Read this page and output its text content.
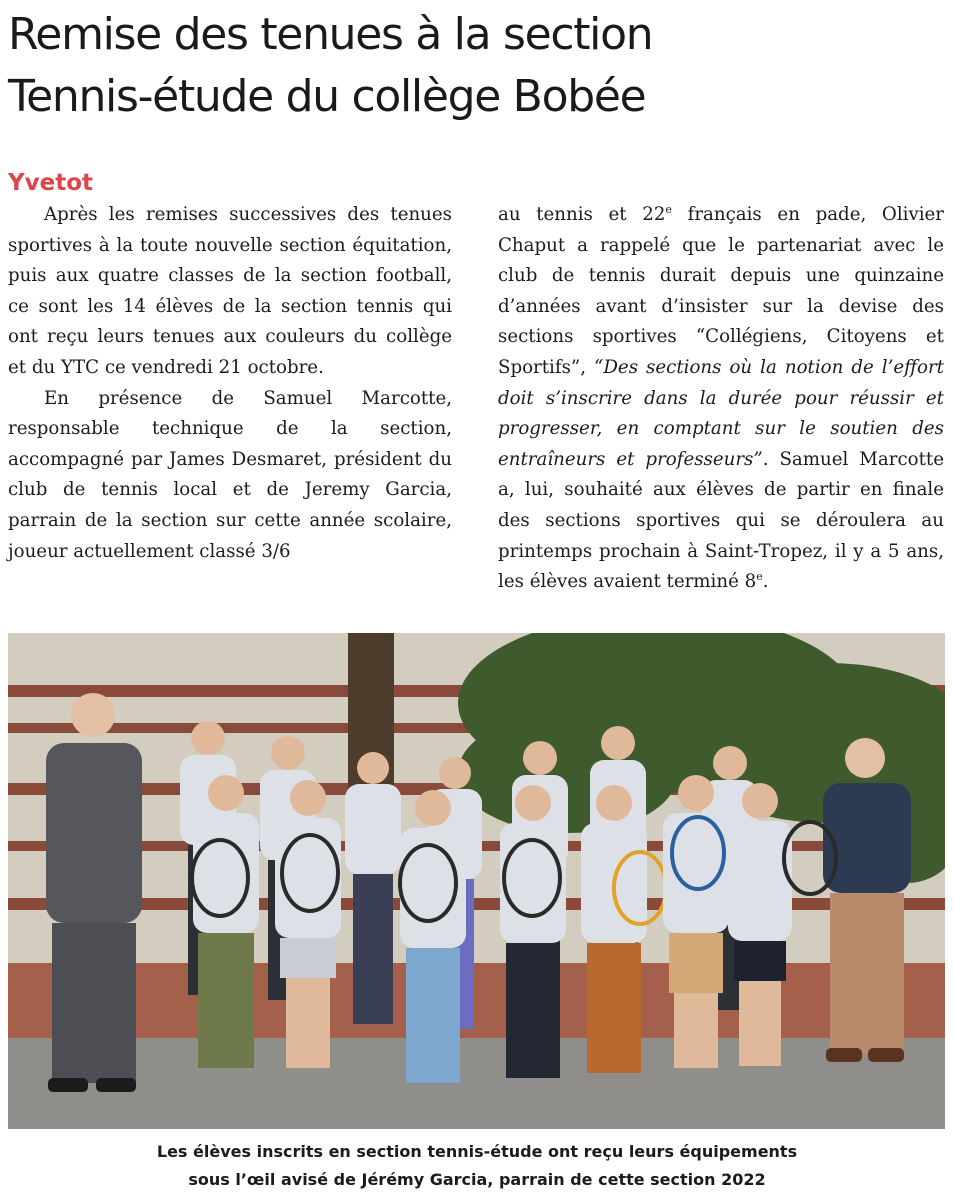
Remise des tenues à la section
Tennis-étude du collège Bobée
Yvetot

Après les remises successives des tenues sportives à la toute nouvelle section équitation, puis aux quatre classes de la section football, ce sont les 14 élèves de la section tennis qui ont reçu leurs tenues aux couleurs du collège et du YTC ce vendredi 21 octobre.

En présence de Samuel Marcotte, responsable technique de la section, accompagné par James Desmaret, président du club de tennis local et de Jeremy Garcia, parrain de la section sur cette année scolaire, joueur actuellement classé 3/6

au tennis et 22e français en pade, Olivier Chaput a rappelé que le partenariat avec le club de tennis durait depuis une quinzaine d’années avant d’insister sur la devise des sections sportives “Collégiens, Citoyens et Sportifs”, “Des sections où la notion de l’effort doit s’inscrire dans la durée pour réussir et progresser, en comptant sur le soutien des entraîneurs et professeurs”. Samuel Marcotte a, lui, souhaité aux élèves de partir en finale des sections sportives qui se déroulera au printemps prochain à Saint-Tropez, il y a 5 ans, les élèves avaient terminé 8e.

Les élèves inscrits en section tennis-étude ont reçu leurs équipements
sous l’œil avisé de Jérémy Garcia, parrain de cette section 2022
